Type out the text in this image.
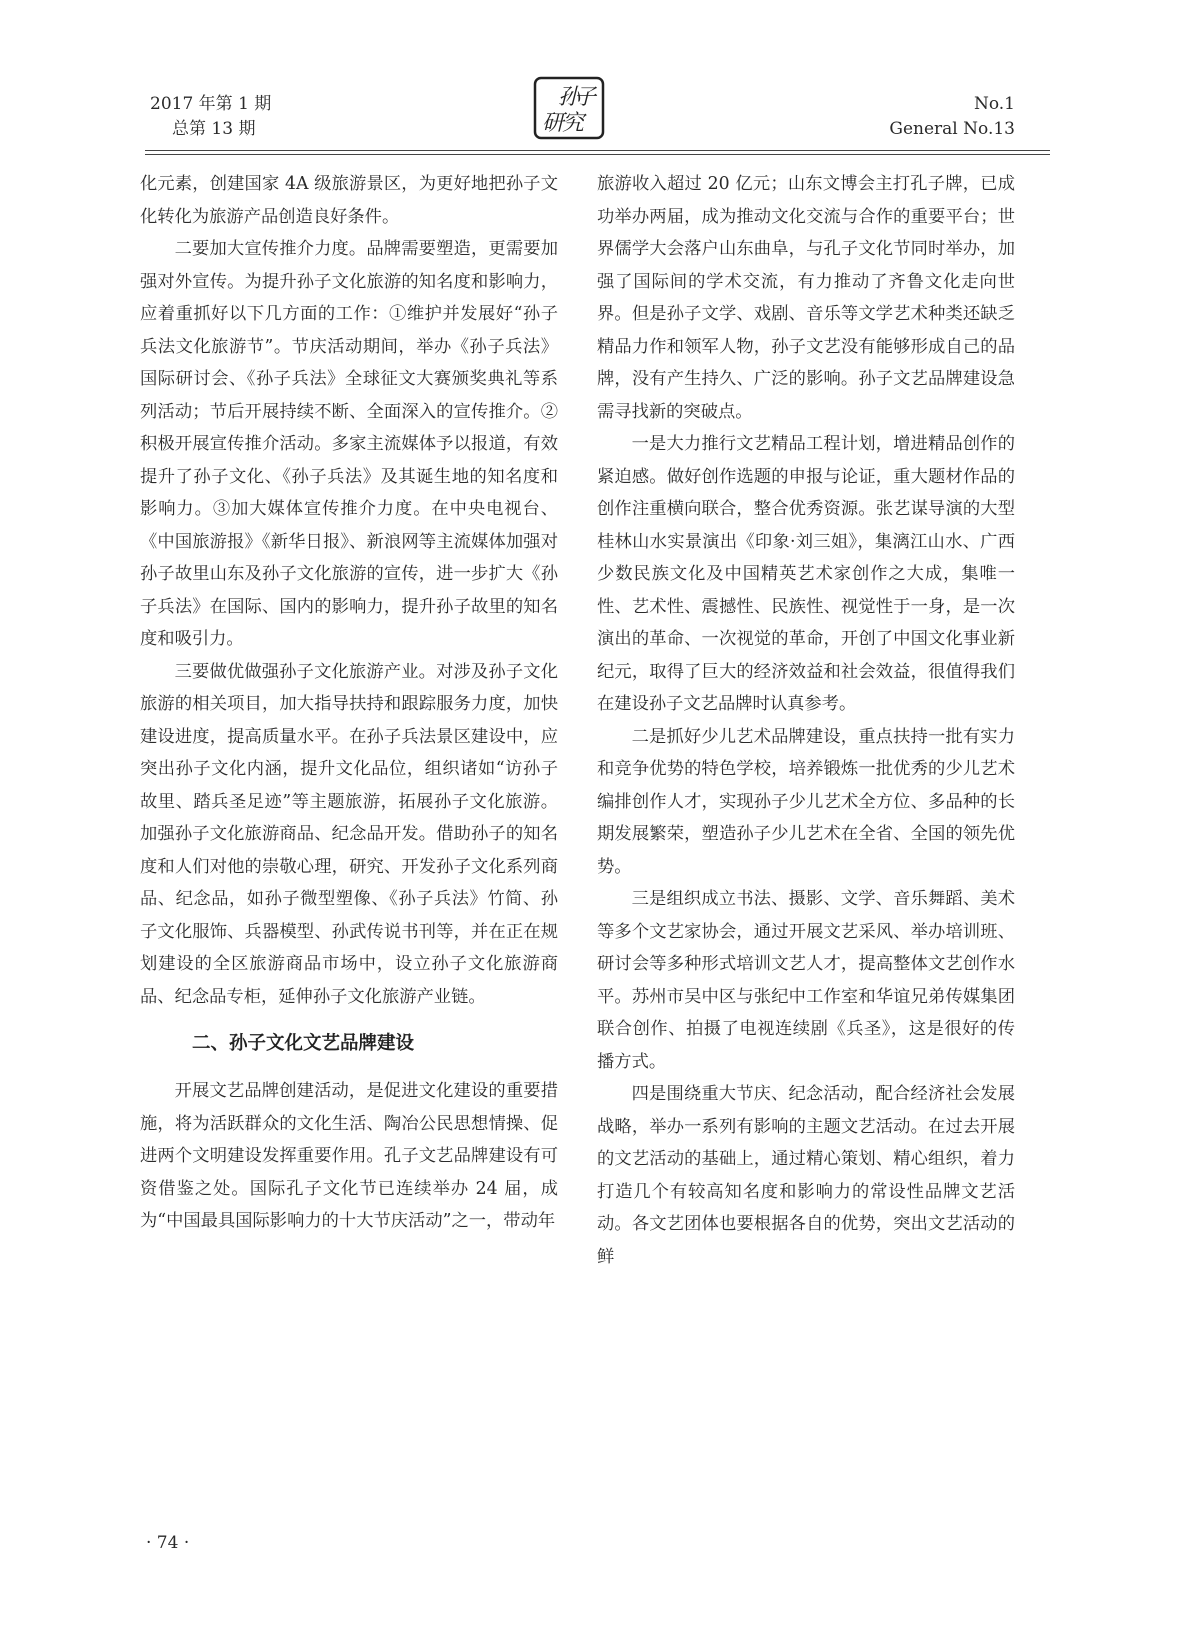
2017 年第 1 期
总第 13 期
孙
子
研
究
No.1
General No.13

化元素，创建国家 4A 级旅游景区，为更好地把孙子文化转化为旅游产品创造良好条件。

二要加大宣传推介力度。品牌需要塑造，更需要加强对外宣传。为提升孙子文化旅游的知名度和影响力，应着重抓好以下几方面的工作：①维护并发展好“孙子兵法文化旅游节”。节庆活动期间，举办《孙子兵法》国际研讨会、《孙子兵法》全球征文大赛颁奖典礼等系列活动；节后开展持续不断、全面深入的宣传推介。②积极开展宣传推介活动。多家主流媒体予以报道，有效提升了孙子文化、《孙子兵法》及其诞生地的知名度和影响力。③加大媒体宣传推介力度。在中央电视台、《中国旅游报》《新华日报》、新浪网等主流媒体加强对孙子故里山东及孙子文化旅游的宣传，进一步扩大《孙子兵法》在国际、国内的影响力，提升孙子故里的知名度和吸引力。

三要做优做强孙子文化旅游产业。对涉及孙子文化旅游的相关项目，加大指导扶持和跟踪服务力度，加快建设进度，提高质量水平。在孙子兵法景区建设中，应突出孙子文化内涵，提升文化品位，组织诸如“访孙子故里、踏兵圣足迹”等主题旅游，拓展孙子文化旅游。加强孙子文化旅游商品、纪念品开发。借助孙子的知名度和人们对他的崇敬心理，研究、开发孙子文化系列商品、纪念品，如孙子微型塑像、《孙子兵法》竹简、孙子文化服饰、兵器模型、孙武传说书刊等，并在正在规划建设的全区旅游商品市场中，设立孙子文化旅游商品、纪念品专柜，延伸孙子文化旅游产业链。

二、孙子文化文艺品牌建设

开展文艺品牌创建活动，是促进文化建设的重要措施，将为活跃群众的文化生活、陶冶公民思想情操、促进两个文明建设发挥重要作用。孔子文艺品牌建设有可资借鉴之处。国际孔子文化节已连续举办 24 届，成为“中国最具国际影响力的十大节庆活动”之一，带动年

旅游收入超过 20 亿元；山东文博会主打孔子牌，已成功举办两届，成为推动文化交流与合作的重要平台；世界儒学大会落户山东曲阜，与孔子文化节同时举办，加强了国际间的学术交流，有力推动了齐鲁文化走向世界。但是孙子文学、戏剧、音乐等文学艺术种类还缺乏精品力作和领军人物，孙子文艺没有能够形成自己的品牌，没有产生持久、广泛的影响。孙子文艺品牌建设急需寻找新的突破点。

一是大力推行文艺精品工程计划，增进精品创作的紧迫感。做好创作选题的申报与论证，重大题材作品的创作注重横向联合，整合优秀资源。张艺谋导演的大型桂林山水实景演出《印象·刘三姐》，集漓江山水、广西少数民族文化及中国精英艺术家创作之大成，集唯一性、艺术性、震撼性、民族性、视觉性于一身，是一次演出的革命、一次视觉的革命，开创了中国文化事业新纪元，取得了巨大的经济效益和社会效益，很值得我们在建设孙子文艺品牌时认真参考。

二是抓好少儿艺术品牌建设，重点扶持一批有实力和竞争优势的特色学校，培养锻炼一批优秀的少儿艺术编排创作人才，实现孙子少儿艺术全方位、多品种的长期发展繁荣，塑造孙子少儿艺术在全省、全国的领先优势。

三是组织成立书法、摄影、文学、音乐舞蹈、美术等多个文艺家协会，通过开展文艺采风、举办培训班、研讨会等多种形式培训文艺人才，提高整体文艺创作水平。苏州市吴中区与张纪中工作室和华谊兄弟传媒集团联合创作、拍摄了电视连续剧《兵圣》，这是很好的传播方式。

四是围绕重大节庆、纪念活动，配合经济社会发展战略，举办一系列有影响的主题文艺活动。在过去开展的文艺活动的基础上，通过精心策划、精心组织，着力打造几个有较高知名度和影响力的常设性品牌文艺活动。各文艺团体也要根据各自的优势，突出文艺活动的鲜

· 74 ·
